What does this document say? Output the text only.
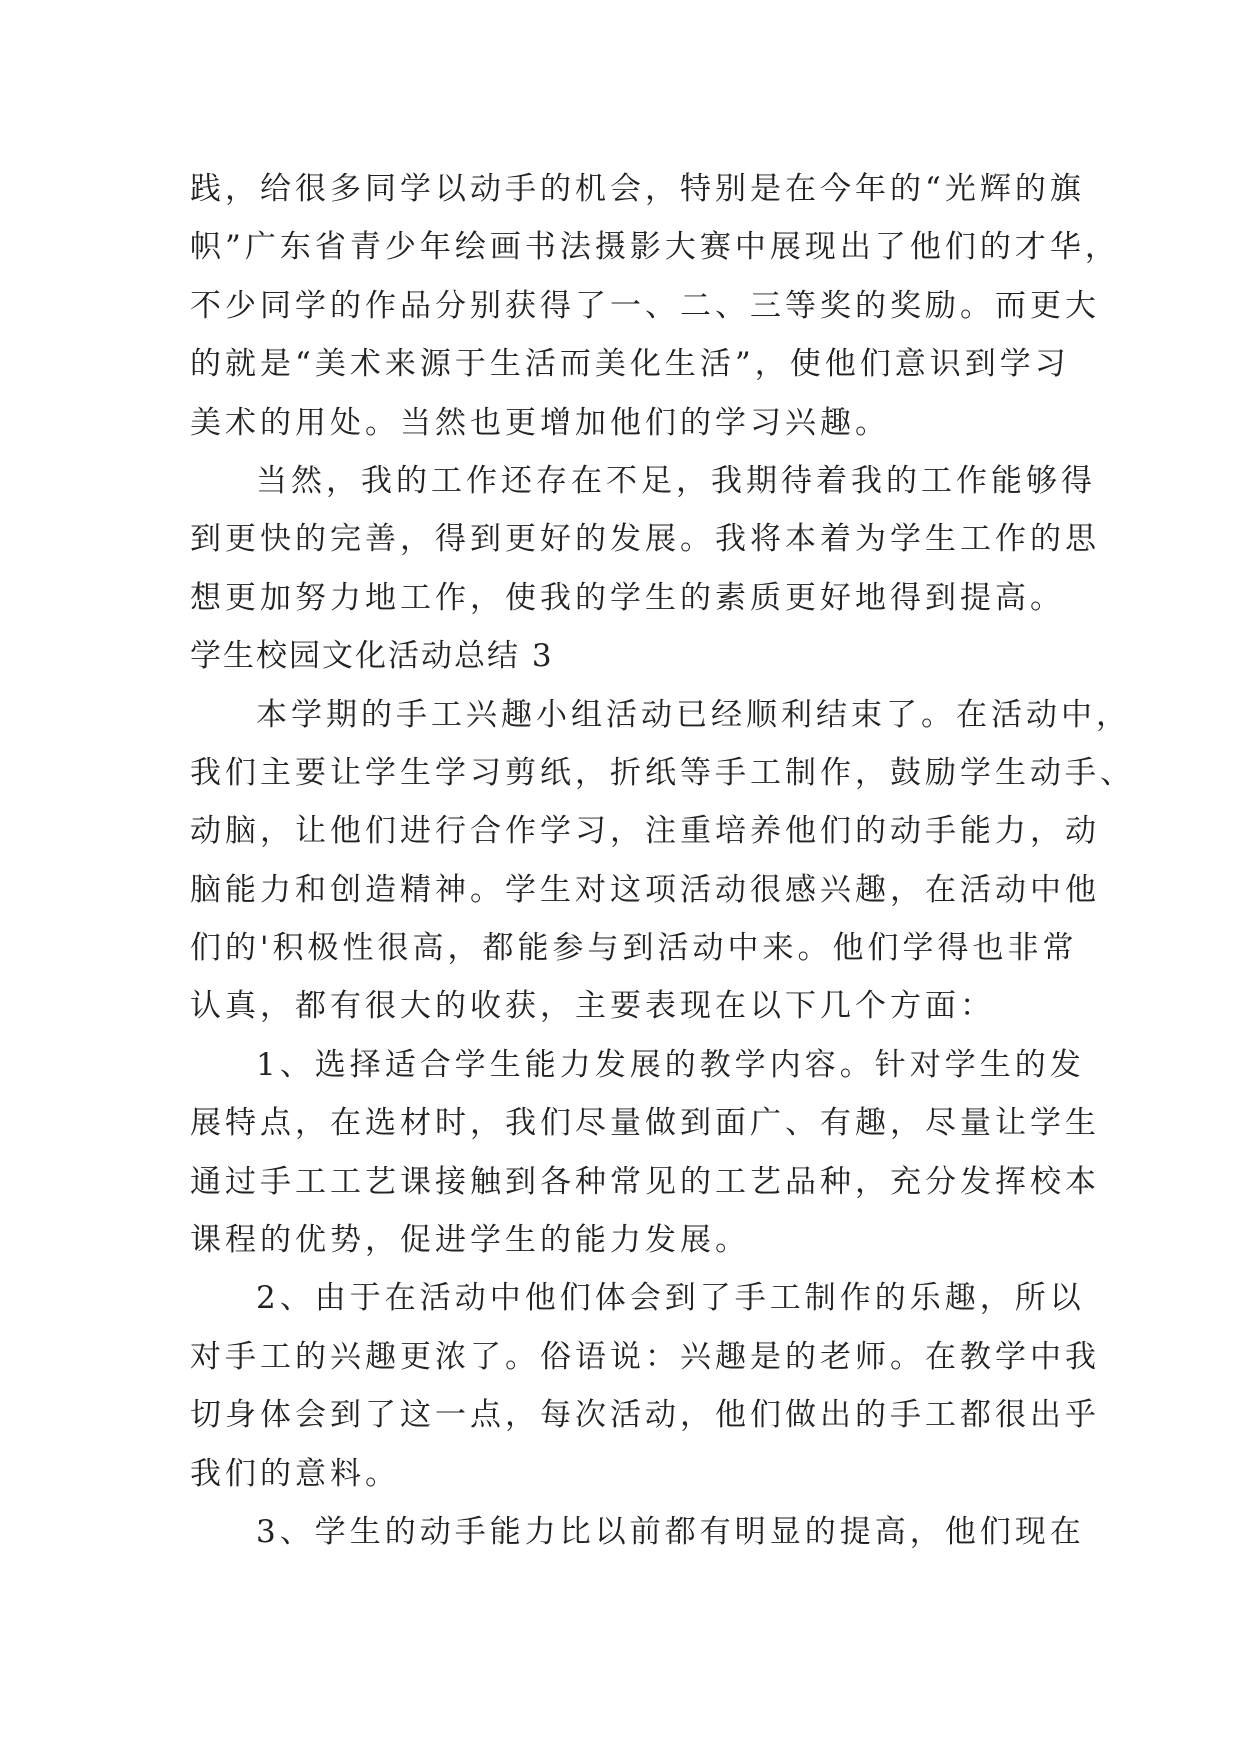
践，给很多同学以动手的机会，特别是在今年的“光辉的旗
帜”广东省青少年绘画书法摄影大赛中展现出了他们的才华，
不少同学的作品分别获得了一、二、三等奖的奖励。而更大
的就是“美术来源于生活而美化生活”，使他们意识到学习
美术的用处。当然也更增加他们的学习兴趣。
当然，我的工作还存在不足，我期待着我的工作能够得
到更快的完善，得到更好的发展。我将本着为学生工作的思
想更加努力地工作，使我的学生的素质更好地得到提高。
学生校园文化活动总结 3
本学期的手工兴趣小组活动已经顺利结束了。在活动中，
我们主要让学生学习剪纸，折纸等手工制作，鼓励学生动手、
动脑，让他们进行合作学习，注重培养他们的动手能力，动
脑能力和创造精神。学生对这项活动很感兴趣，在活动中他
们的'积极性很高，都能参与到活动中来。他们学得也非常
认真，都有很大的收获，主要表现在以下几个方面：
1、选择适合学生能力发展的教学内容。针对学生的发
展特点，在选材时，我们尽量做到面广、有趣，尽量让学生
通过手工工艺课接触到各种常见的工艺品种，充分发挥校本
课程的优势，促进学生的能力发展。
2、由于在活动中他们体会到了手工制作的乐趣，所以
对手工的兴趣更浓了。俗语说：兴趣是的老师。在教学中我
切身体会到了这一点，每次活动，他们做出的手工都很出乎
我们的意料。
3、学生的动手能力比以前都有明显的提高，他们现在
